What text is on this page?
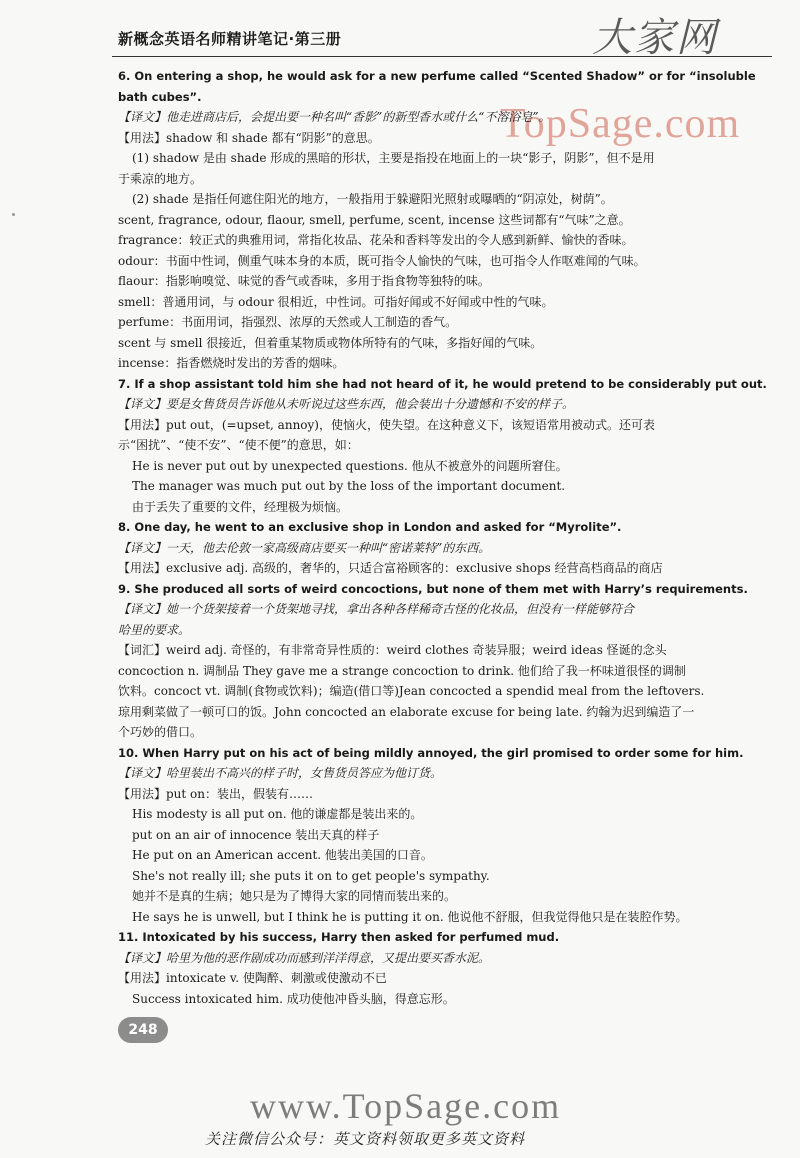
新概念英语名师精讲笔记·第三册	大家网
TopSage.com

6. On entering a shop, he would ask for a new perfume called “Scented Shadow” or for “insoluble bath cubes”.

【译文】他走进商店后，会提出要一种名叫“香影”的新型香水或什么“不溶浴皂”。

【用法】shadow 和 shade 都有“阴影”的意思。

(1) shadow 是由 shade 形成的黑暗的形状，主要是指投在地面上的一块“影子，阴影”，但不是用

于乘凉的地方。

(2) shade 是指任何遮住阳光的地方，一般指用于躲避阳光照射或曝晒的“阴凉处，树荫”。

scent, fragrance, odour, flaour, smell, perfume, scent, incense 这些词都有“气味”之意。

fragrance：较正式的典雅用词，常指化妆品、花朵和香料等发出的令人感到新鲜、愉快的香味。

odour：书面中性词，侧重气味本身的本质，既可指令人愉快的气味，也可指令人作呕难闻的气味。

flaour：指影响嗅觉、味觉的香气或香味，多用于指食物等独特的味。

smell：普通用词，与 odour 很相近，中性词。可指好闻或不好闻或中性的气味。

perfume：书面用词，指强烈、浓厚的天然或人工制造的香气。

scent 与 smell 很接近，但着重某物质或物体所特有的气味，多指好闻的气味。

incense：指香燃烧时发出的芳香的烟味。

7. If a shop assistant told him she had not heard of it, he would pretend to be considerably put out.

【译文】要是女售货员告诉他从未听说过这些东西，他会装出十分遗憾和不安的样子。

【用法】put out，(=upset, annoy)，使恼火，使失望。在这种意义下，该短语常用被动式。还可表

示“困扰”、“使不安”、“使不便”的意思，如：

He is never put out by unexpected questions. 他从不被意外的问题所窘住。

The manager was much put out by the loss of the important document.

由于丢失了重要的文件，经理极为烦恼。

8. One day, he went to an exclusive shop in London and asked for “Myrolite”.

【译文】一天，他去伦敦一家高级商店要买一种叫“密诺莱特”的东西。

【用法】exclusive adj. 高级的，奢华的，只适合富裕顾客的：exclusive shops 经营高档商品的商店

9. She produced all sorts of weird concoctions, but none of them met with Harry’s requirements.

【译文】她一个货架接着一个货架地寻找，拿出各种各样稀奇古怪的化妆品，但没有一样能够符合

哈里的要求。

【词汇】weird adj. 奇怪的，有非常奇异性质的：weird clothes 奇装异服；weird ideas 怪诞的念头

concoction n. 调制品 They gave me a strange concoction to drink. 他们给了我一杯味道很怪的调制

饮料。concoct vt. 调制(食物或饮料)；编造(借口等)Jean concocted a spendid meal from the leftovers.

琼用剩菜做了一顿可口的饭。John concocted an elaborate excuse for being late. 约翰为迟到编造了一

个巧妙的借口。

10. When Harry put on his act of being mildly annoyed, the girl promised to order some for him.

【译文】哈里装出不高兴的样子时，女售货员答应为他订货。

【用法】put on：装出，假装有……

His modesty is all put on. 他的谦虚都是装出来的。

put on an air of innocence 装出天真的样子

He put on an American accent. 他装出美国的口音。

She's not really ill; she puts it on to get people's sympathy.

她并不是真的生病；她只是为了博得大家的同情而装出来的。

He says he is unwell, but I think he is putting it on. 他说他不舒服，但我觉得他只是在装腔作势。

11. Intoxicated by his success, Harry then asked for perfumed mud.

【译文】哈里为他的恶作剧成功而感到洋洋得意，又提出要买香水泥。

【用法】intoxicate v. 使陶醉、刺激或使激动不已

Success intoxicated him. 成功使他冲昏头脑，得意忘形。

248
www.TopSage.com
关注微信公众号：英文资料领取更多英文资料
